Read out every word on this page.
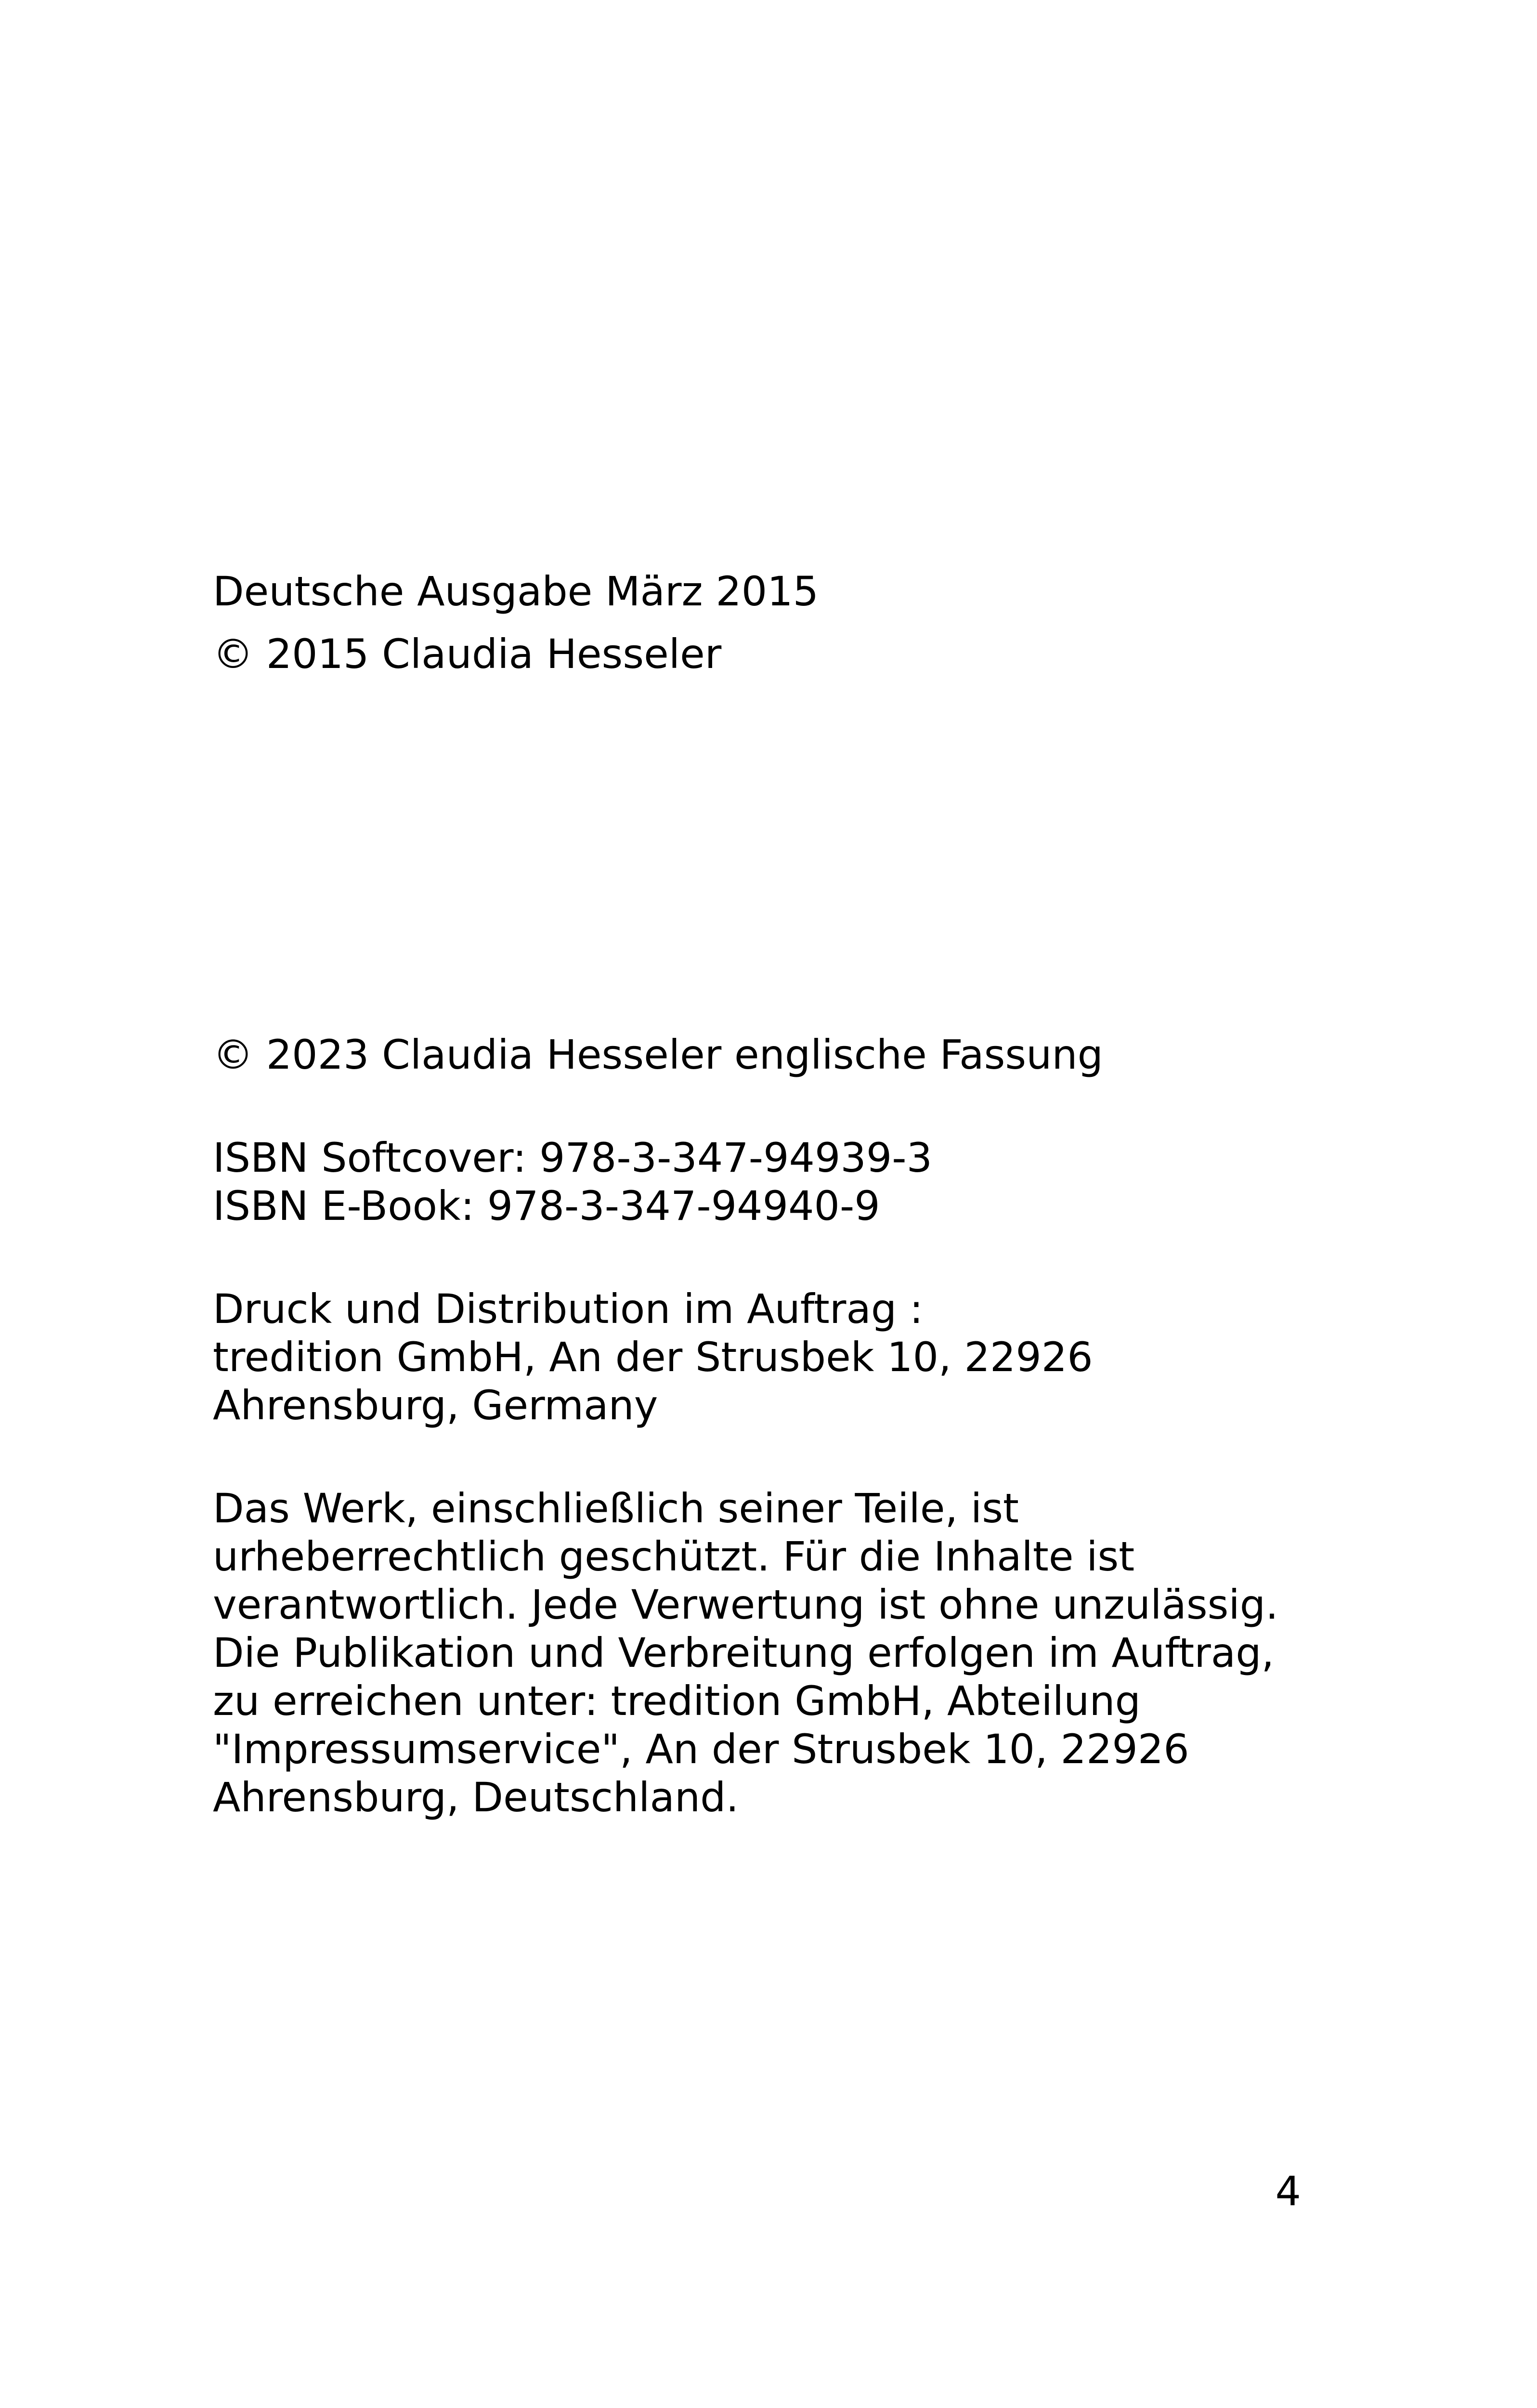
Deutsche Ausgabe März 2015

© 2015 Claudia Hesseler

© 2023 Claudia Hesseler englische Fassung

ISBN Softcover: 978-3-347-94939-3

ISBN E-Book: 978-3-347-94940-9

Druck und Distribution im Auftrag :

tredition GmbH, An der Strusbek 10, 22926

Ahrensburg, Germany

Das Werk, einschließlich seiner Teile, ist

urheberrechtlich geschützt. Für die Inhalte ist

verantwortlich. Jede Verwertung ist ohne unzulässig.

Die Publikation und Verbreitung erfolgen im Auftrag,

zu erreichen unter: tredition GmbH, Abteilung

"Impressumservice", An der Strusbek 10, 22926

Ahrensburg, Deutschland.

4
